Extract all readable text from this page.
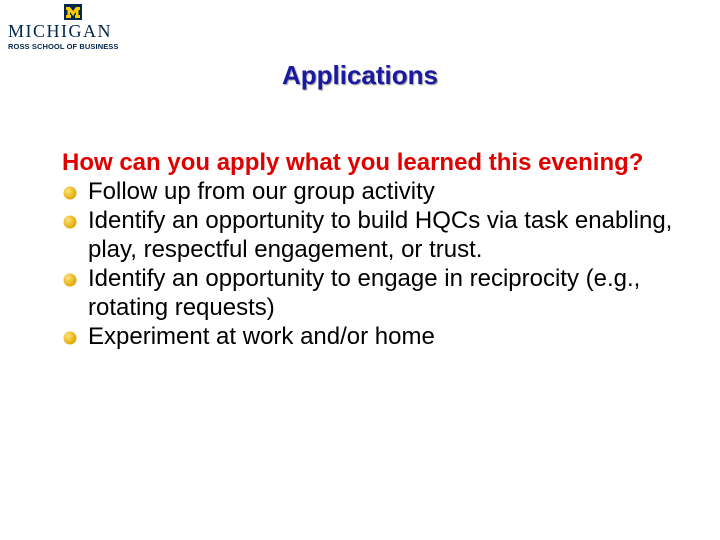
MICHIGAN
ROSS SCHOOL OF BUSINESS
Applications

How can you apply what you learned this evening?

Follow up from our group activity
Identify an opportunity to build HQCs via task enabling, play, respectful engagement, or trust.
Identify an opportunity to engage in reciprocity (e.g., rotating requests)
Experiment at work and/or home
